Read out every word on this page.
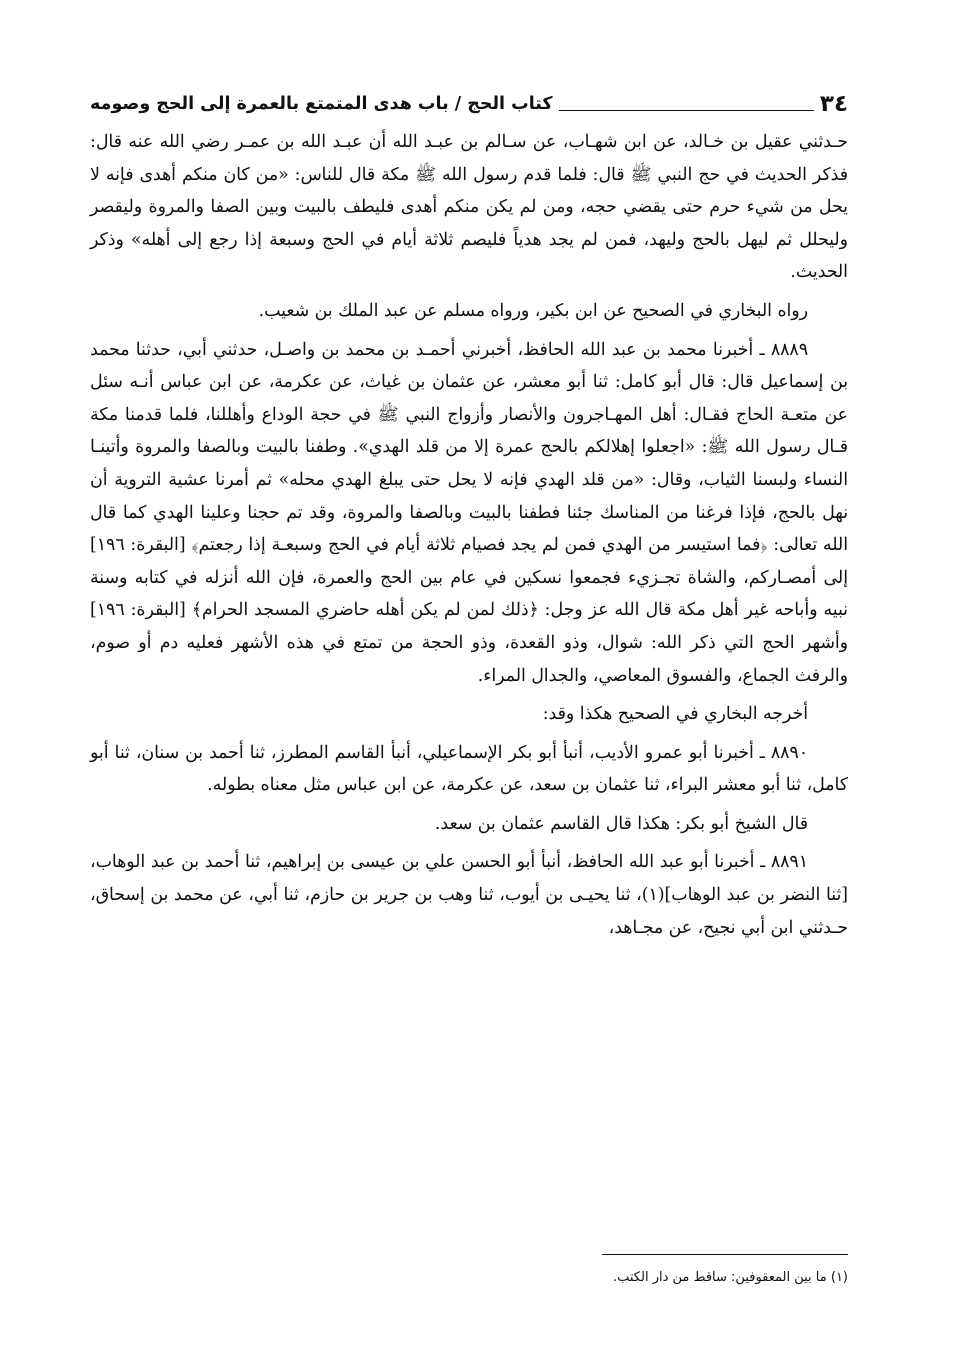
٣٤
كتاب الحج / باب هدى المتمتع بالعمرة إلى الحج وصومه

حـدثني عقيل بن خـالد، عن ابن شهـاب، عن سـالم بن عبـد الله أن عبـد الله بن عمـر رضي الله عنه قال: فذكر الحديث في حج النبي ﷺ قال: فلما قدم رسول الله ﷺ مكة قال للناس: «من كان منكم أهدى فإنه لا يحل من شيء حرم حتى يقضي حجه، ومن لم يكن منكم أهدى فليطف بالبيت وبين الصفا والمروة وليقصر وليحلل ثم ليهل بالحج وليهد، فمن لم يجد هدياً فليصم ثلاثة أيام في الحج وسبعة إذا رجع إلى أهله» وذكر الحديث.

رواه البخاري في الصحيح عن ابن بكير، ورواه مسلم عن عبد الملك بن شعيب.

٨٨٨٩ ـ أخبرنا محمد بن عبد الله الحافظ، أخبرني أحمـد بن محمد بن واصـل، حدثني أبي، حدثنا محمد بن إسماعيل قال: قال أبو كامل: ثنا أبو معشر، عن عثمان بن غياث، عن عكرمة، عن ابن عباس أنـه سئل عن متعـة الحاج فقـال: أهل المهـاجرون والأنصار وأزواج النبي ﷺ في حجة الوداع وأهللنا، فلما قدمنا مكة قـال رسول الله ﷺ: «اجعلوا إهلالكم بالحج عمرة إلا من قلد الهدي». وطفنا بالبيت وبالصفا والمروة وأتينـا النساء ولبسنا الثياب، وقال: «من قلد الهدي فإنه لا يحل حتى يبلغ الهدي محله» ثم أمرنا عشية التروية أن نهل بالحج، فإذا فرغنا من المناسك جئنا فطفنا بالبيت وبالصفا والمروة، وقد تم حجنا وعلينا الهدي كما قال الله تعالى: ﴿فما استيسر من الهدي فمن لم يجد فصيام ثلاثة أيام في الحج وسبعـة إذا رجعتم﴾ [البقرة: ١٩٦] إلى أمصـاركم، والشاة تجـزيء فجمعوا نسكين في عام بين الحج والعمرة، فإن الله أنزله في كتابه وسنة نبيه وأباحه غير أهل مكة قال الله عز وجل: ﴿ذلك لمن لم يكن أهله حاضري المسجد الحرام﴾ [البقرة: ١٩٦] وأشهر الحج التي ذكر الله: شوال، وذو القعدة، وذو الحجة من تمتع في هذه الأشهر فعليه دم أو صوم، والرفث الجماع، والفسوق المعاصي، والجدال المراء.

أخرجه البخاري في الصحيح هكذا وقد:

٨٨٩٠ ـ أخبرنا أبو عمرو الأديب، أنبأ أبو بكر الإسماعيلي، أنبأ القاسم المطرز، ثنا أحمد بن سنان، ثنا أبو كامل، ثنا أبو معشر البراء، ثنا عثمان بن سعد، عن عكرمة، عن ابن عباس مثل معناه بطوله.

قال الشيخ أبو بكر: هكذا قال القاسم عثمان بن سعد.

٨٨٩١ ـ أخبرنا أبو عبد الله الحافظ، أنبأ أبو الحسن علي بن عيسى بن إبراهيم، ثنا أحمد بن عبد الوهاب، [ثنا النضر بن عبد الوهاب](١)، ثنا يحيـى بن أيوب، ثنا وهب بن جرير بن حازم، ثنا أبي، عن محمد بن إسحاق، حـدثني ابن أبي نجيح، عن مجـاهد،

(١) ما بين المعقوفين: ساقط من دار الكتب.
